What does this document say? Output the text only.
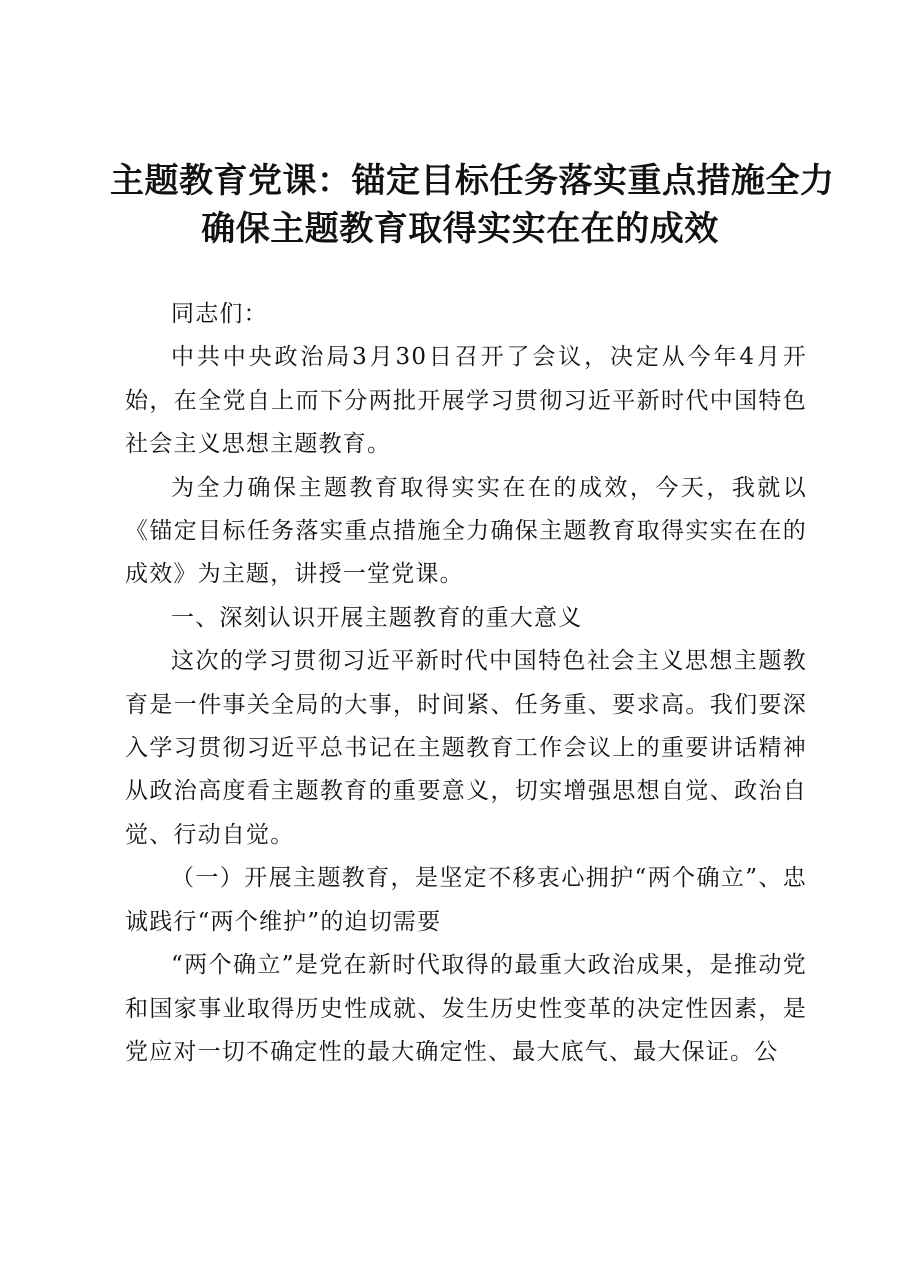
主题教育党课：锚定目标任务落实重点措施全力
确保主题教育取得实实在在的成效

同志们：

中共中央政治局3月30日召开了会议，决定从今年4月开始，在全党自上而下分两批开展学习贯彻习近平新时代中国特色社会主义思想主题教育。

为全力确保主题教育取得实实在在的成效，今天，我就以《锚定目标任务落实重点措施全力确保主题教育取得实实在在的成效》为主题，讲授一堂党课。

一、深刻认识开展主题教育的重大意义

这次的学习贯彻习近平新时代中国特色社会主义思想主题教育是一件事关全局的大事，时间紧、任务重、要求高。我们要深入学习贯彻习近平总书记在主题教育工作会议上的重要讲话精神从政治高度看主题教育的重要意义，切实增强思想自觉、政治自觉、行动自觉。

（一）开展主题教育，是坚定不移衷心拥护“两个确立”、忠诚践行“两个维护”的迫切需要

“两个确立”是党在新时代取得的最重大政治成果，是推动党和国家事业取得历史性成就、发生历史性变革的决定性因素，是党应对一切不确定性的最大确定性、最大底气、最大保证。公
